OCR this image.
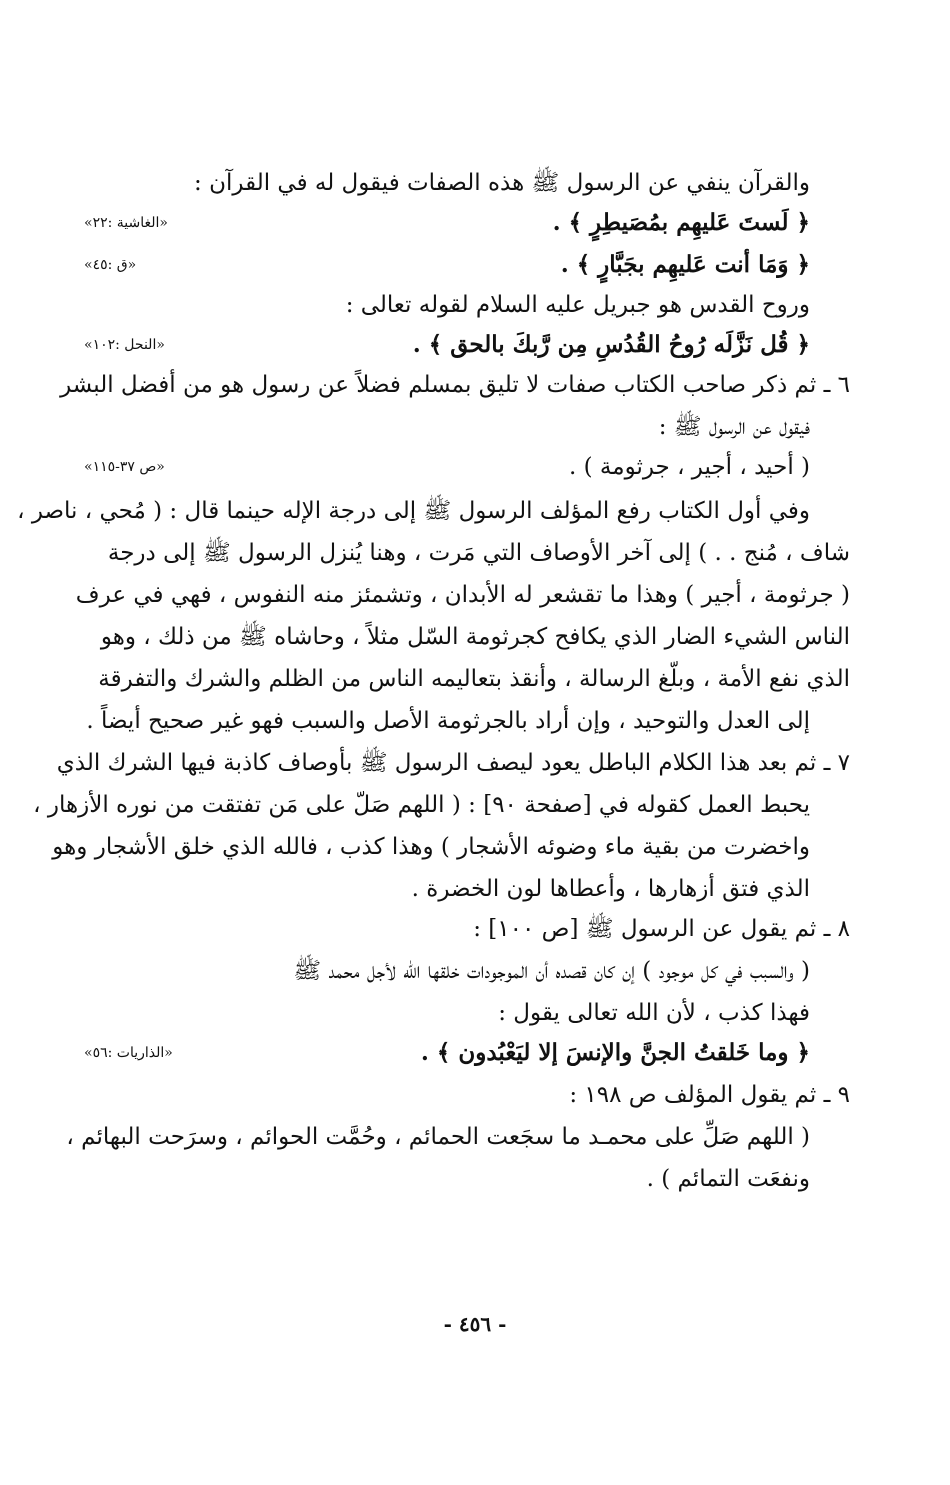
والقرآن ينفي عن الرسول ﷺ هذه الصفات فيقول له في القرآن :
﴿ لَستَ عَليهِم بمُصَيطِرٍ ﴾ .
«الغاشية :٢٢»
﴿ وَمَا أنت عَليهِم بجَبَّارٍ ﴾ .
«ق :٤٥»
وروح القدس هو جبريل عليه السلام لقوله تعالى :
﴿ قُل نَزَّلَه رُوحُ القُدُسِ مِن رَّبكَ بالحق ﴾ .
«النحل :١٠٢»
٦ ـ ثم ذكر صاحب الكتاب صفات لا تليق بمسلم فضلاً عن رسول هو من أفضل البشر
فيقول عن الرسول ﷺ :
( أحيد ، أجير ، جرثومة ) .
«ص ٣٧-١١٥»
وفي أول الكتاب رفع المؤلف الرسول ﷺ إلى درجة الإله حينما قال : ( مُحي ، ناصر ،
شاف ، مُنج . . ) إلى آخر الأوصاف التي مَرت ، وهنا يُنزل الرسول ﷺ إلى درجة
( جرثومة ، أجير ) وهذا ما تقشعر له الأبدان ، وتشمئز منه النفوس ، فهي في عرف
الناس الشيء الضار الذي يكافح كجرثومة السّل مثلاً ، وحاشاه ﷺ من ذلك ، وهو
الذي نفع الأمة ، وبلّغ الرسالة ، وأنقذ بتعاليمه الناس من الظلم والشرك والتفرقة
إلى العدل والتوحيد ، وإن أراد بالجرثومة الأصل والسبب فهو غير صحيح أيضاً .
٧ ـ ثم بعد هذا الكلام الباطل يعود ليصف الرسول ﷺ بأوصاف كاذبة فيها الشرك الذي
يحبط العمل كقوله في [صفحة ٩٠] : ( اللهم صَلّ على مَن تفتقت من نوره الأزهار ،
واخضرت من بقية ماء وضوئه الأشجار ) وهذا كذب ، فالله الذي خلق الأشجار وهو
الذي فتق أزهارها ، وأعطاها لون الخضرة .
٨ ـ ثم يقول عن الرسول ﷺ [ص ١٠٠] :
( والسبب في كل موجود ) إن كان قصده أن الموجودات خلقها الله لأجل محمد ﷺ
فهذا كذب ، لأن الله تعالى يقول :
﴿ وما خَلقتُ الجنَّ والإنسَ إلا ليَعْبُدون ﴾ .
«الذاريات :٥٦»
٩ ـ ثم يقول المؤلف ص ١٩٨ :
( اللهم صَلِّ على محمـد ما سجَعت الحمائم ، وحُمَّت الحوائم ، وسرَحت البهائم ،
ونفعَت التمائم ) .
- ٤٥٦ -
